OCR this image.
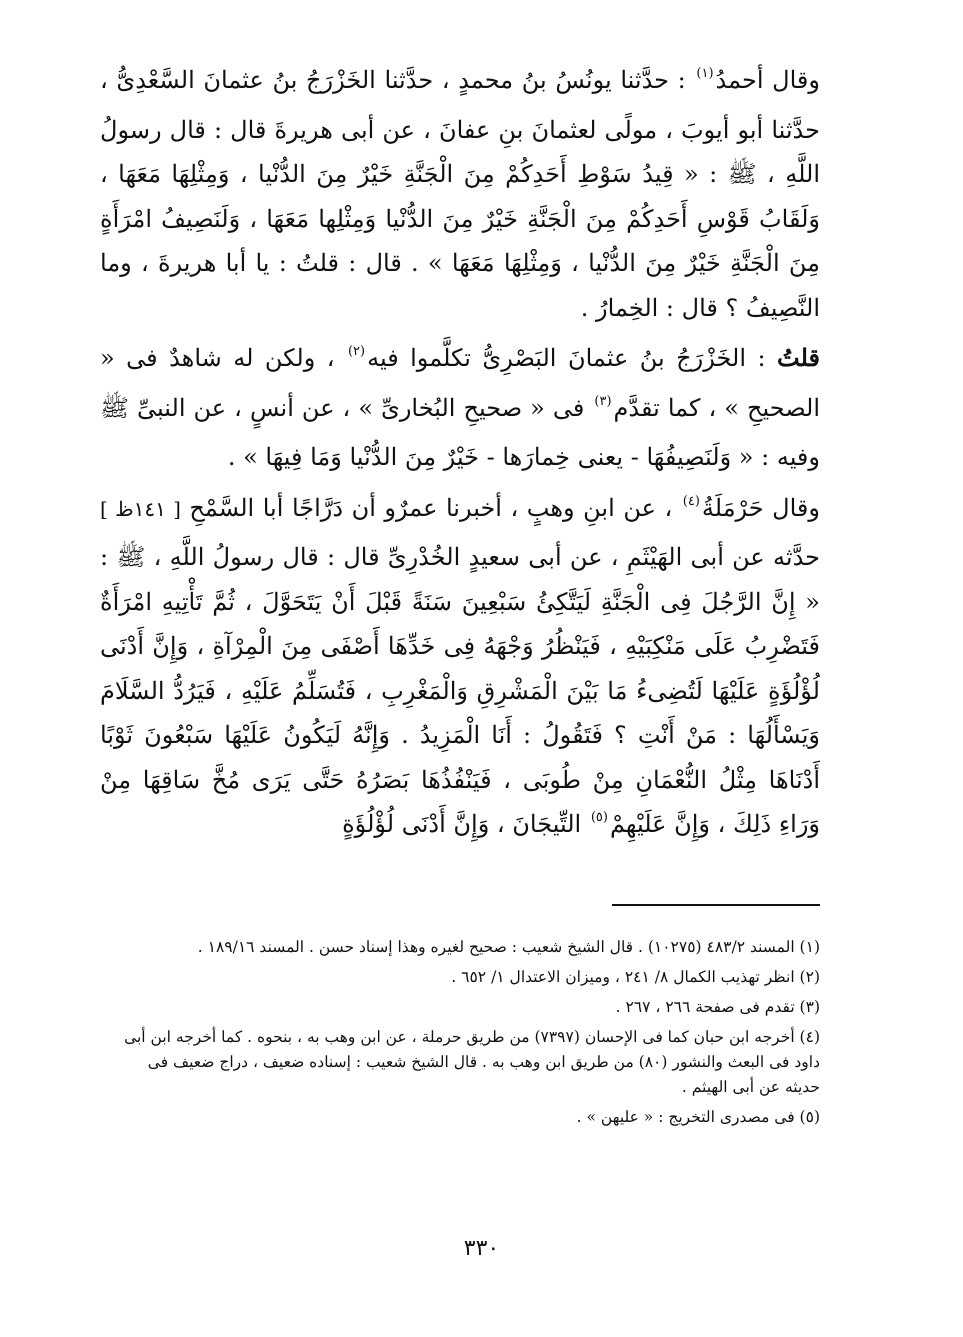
وقال أحمدُ$^{(١)}$ : حدَّثنا يونُسُ بنُ محمدٍ ، حدَّثنا الخَزْرَجُ بنُ عثمانَ السَّعْدِىُّ ، حدَّثنا أبو أيوبَ ، مولًى لعثمانَ بنِ عفانَ ، عن أبى هريرةَ قال : قال رسولُ اللَّهِ ، ﷺ : « قِيدُ سَوْطِ أَحَدِكُمْ مِنَ الْجَنَّةِ خَيْرٌ مِنَ الدُّنْيا ، وَمِثْلِهَا مَعَهَا ، وَلَقَابُ قَوْسِ أَحَدِكُمْ مِنَ الْجَنَّةِ خَيْرٌ مِنَ الدُّنْيا وَمِثْلِها مَعَهَا ، وَلَنَصِيفُ امْرَأَةٍ مِنَ الْجَنَّةِ خَيْرٌ مِنَ الدُّنْيا ، وَمِثْلِهَا مَعَهَا » . قال : قلتُ : يا أبا هريرةَ ، وما النَّصِيفُ ؟ قال : الخِمارُ .

قلتُ : الخَزْرَجُ بنُ عثمانَ البَصْرِىُّ تكلَّموا فيه$^{(٢)}$ ، ولكن له شاهدٌ فى « الصحيحِ » ، كما تقدَّم$^{(٣)}$ فى « صحيحِ البُخارىِّ » ، عن أنسٍ ، عن النبىِّ ﷺ وفيه : « وَلَنَصِيفُهَا - يعنى خِمارَها - خَيْرٌ مِنَ الدُّنْيا وَمَا فِيهَا » .

وقال حَرْمَلَةُ$^{(٤)}$ ، عن ابنِ وهبٍ ، أخبرنا عمرٌو أن دَرَّاجًا أبا السَّمْحِ [ ١٤١ظ ] حدَّثه عن أبى الهَيْثَمِ ، عن أبى سعيدٍ الخُدْرِىِّ قال : قال رسولُ اللَّهِ ، ﷺ : « إِنَّ الرَّجُلَ فِى الْجَنَّةِ لَيَتَّكِئُ سَبْعِينَ سَنَةً قَبْلَ أَنْ يَتَحَوَّلَ ، ثُمَّ تَأْتِيهِ امْرَأَةٌ فَتَضْرِبُ عَلَى مَنْكِبَيْهِ ، فَيَنْظُرُ وَجْهَهُ فِى خَدِّهَا أَصْفَى مِنَ الْمِرْآةِ ، وَإِنَّ أَدْنَى لُؤْلُؤَةٍ عَلَيْهَا لَتُضِىءُ مَا بَيْنَ الْمَشْرِقِ وَالْمَغْرِبِ ، فَتُسَلِّمُ عَلَيْهِ ، فَيَرُدُّ السَّلَامَ وَيَسْأَلُهَا : مَنْ أَنْتِ ؟ فَتَقُولُ : أَنَا الْمَزِيدُ . وَإِنَّهُ لَيَكُونُ عَلَيْهَا سَبْعُونَ ثَوْبًا أَدْنَاهَا مِثْلُ النُّعْمَانِ مِنْ طُوبَى ، فَيَنْفُذُهَا بَصَرُهُ حَتَّى يَرَى مُخَّ سَاقِهَا مِنْ وَرَاءِ ذَلِكَ ، وَإِنَّ عَلَيْهِمْ$^{(٥)}$ التِّيجَانَ ، وَإِنَّ أَدْنَى لُؤْلُؤَةٍ

(١) المسند ٤٨٣/٢ (١٠٢٧٥) . قال الشيخ شعيب : صحيح لغيره وهذا إسناد حسن . المسند ١٨٩/١٦ .

(٢) انظر تهذيب الكمال ٨/ ٢٤١ ، وميزان الاعتدال ١/ ٦٥٢ .

(٣) تقدم فى صفحة ٢٦٦ ، ٢٦٧ .

(٤) أخرجه ابن حبان كما فى الإحسان (٧٣٩٧) من طريق حرملة ، عن ابن وهب به ، بنحوه . كما أخرجه ابن أبى داود فى البعث والنشور (٨٠) من طريق ابن وهب به . قال الشيخ شعيب : إسناده ضعيف ، دراج ضعيف فى حديثه عن أبى الهيثم .

(٥) فى مصدرى التخريج : « عليهن » .

٣٣٠
